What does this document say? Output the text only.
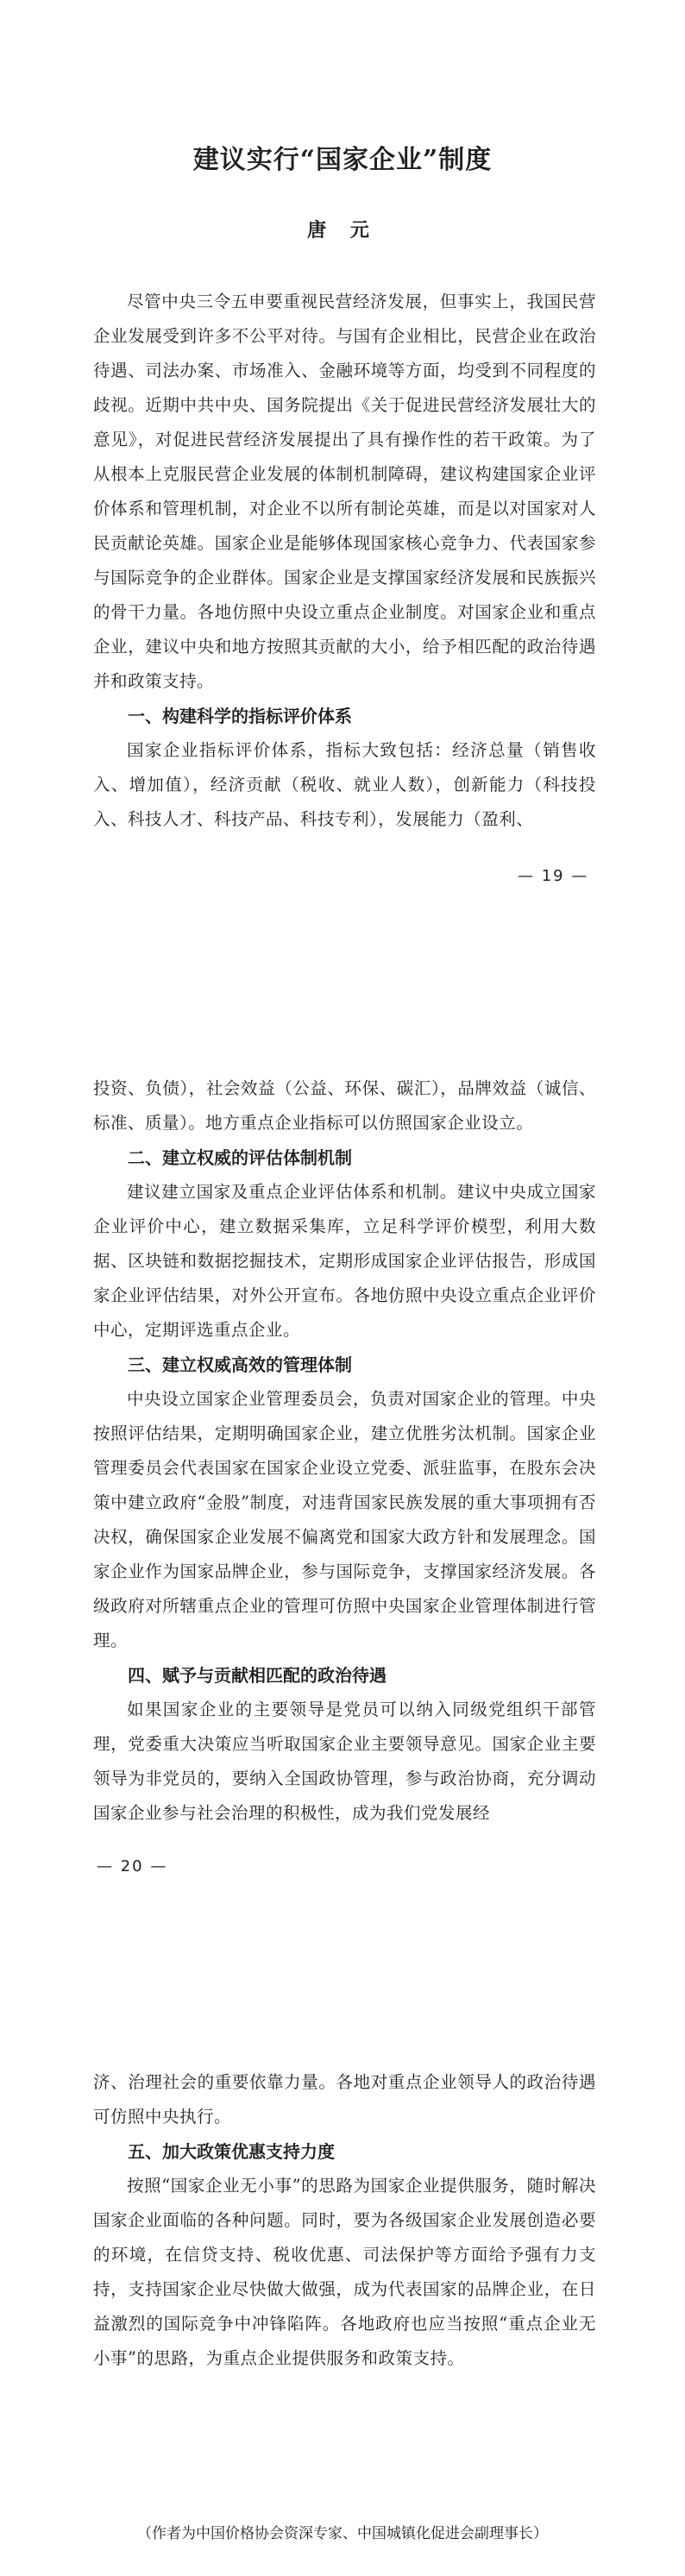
建议实行“国家企业”制度
唐 元

尽管中央三令五申要重视民营经济发展，但事实上，我国民营企业发展受到许多不公平对待。与国有企业相比，民营企业在政治待遇、司法办案、市场准入、金融环境等方面，均受到不同程度的歧视。近期中共中央、国务院提出《关于促进民营经济发展壮大的意见》，对促进民营经济发展提出了具有操作性的若干政策。为了从根本上克服民营企业发展的体制机制障碍，建议构建国家企业评价体系和管理机制，对企业不以所有制论英雄，而是以对国家对人民贡献论英雄。国家企业是能够体现国家核心竞争力、代表国家参与国际竞争的企业群体。国家企业是支撑国家经济发展和民族振兴的骨干力量。各地仿照中央设立重点企业制度。对国家企业和重点企业，建议中央和地方按照其贡献的大小，给予相匹配的政治待遇并和政策支持。

一、构建科学的指标评价体系

国家企业指标评价体系，指标大致包括：经济总量（销售收入、增加值），经济贡献（税收、就业人数），创新能力（科技投入、科技人才、科技产品、科技专利），发展能力（盈利、

— 19 —

投资、负债），社会效益（公益、环保、碳汇），品牌效益（诚信、标准、质量）。地方重点企业指标可以仿照国家企业设立。

二、建立权威的评估体制机制

建议建立国家及重点企业评估体系和机制。建议中央成立国家企业评价中心，建立数据采集库，立足科学评价模型，利用大数据、区块链和数据挖掘技术，定期形成国家企业评估报告，形成国家企业评估结果，对外公开宣布。各地仿照中央设立重点企业评价中心，定期评选重点企业。

三、建立权威高效的管理体制

中央设立国家企业管理委员会，负责对国家企业的管理。中央按照评估结果，定期明确国家企业，建立优胜劣汰机制。国家企业管理委员会代表国家在国家企业设立党委、派驻监事，在股东会决策中建立政府“金股”制度，对违背国家民族发展的重大事项拥有否决权，确保国家企业发展不偏离党和国家大政方针和发展理念。国家企业作为国家品牌企业，参与国际竞争，支撑国家经济发展。各级政府对所辖重点企业的管理可仿照中央国家企业管理体制进行管理。

四、赋予与贡献相匹配的政治待遇

如果国家企业的主要领导是党员可以纳入同级党组织干部管理，党委重大决策应当听取国家企业主要领导意见。国家企业主要领导为非党员的，要纳入全国政协管理，参与政治协商，充分调动国家企业参与社会治理的积极性，成为我们党发展经

— 20 —

济、治理社会的重要依靠力量。各地对重点企业领导人的政治待遇可仿照中央执行。

五、加大政策优惠支持力度

按照“国家企业无小事”的思路为国家企业提供服务，随时解决国家企业面临的各种问题。同时，要为各级国家企业发展创造必要的环境，在信贷支持、税收优惠、司法保护等方面给予强有力支持，支持国家企业尽快做大做强，成为代表国家的品牌企业，在日益激烈的国际竞争中冲锋陷阵。各地政府也应当按照“重点企业无小事”的思路，为重点企业提供服务和政策支持。

（作者为中国价格协会资深专家、中国城镇化促进会副理事长）
